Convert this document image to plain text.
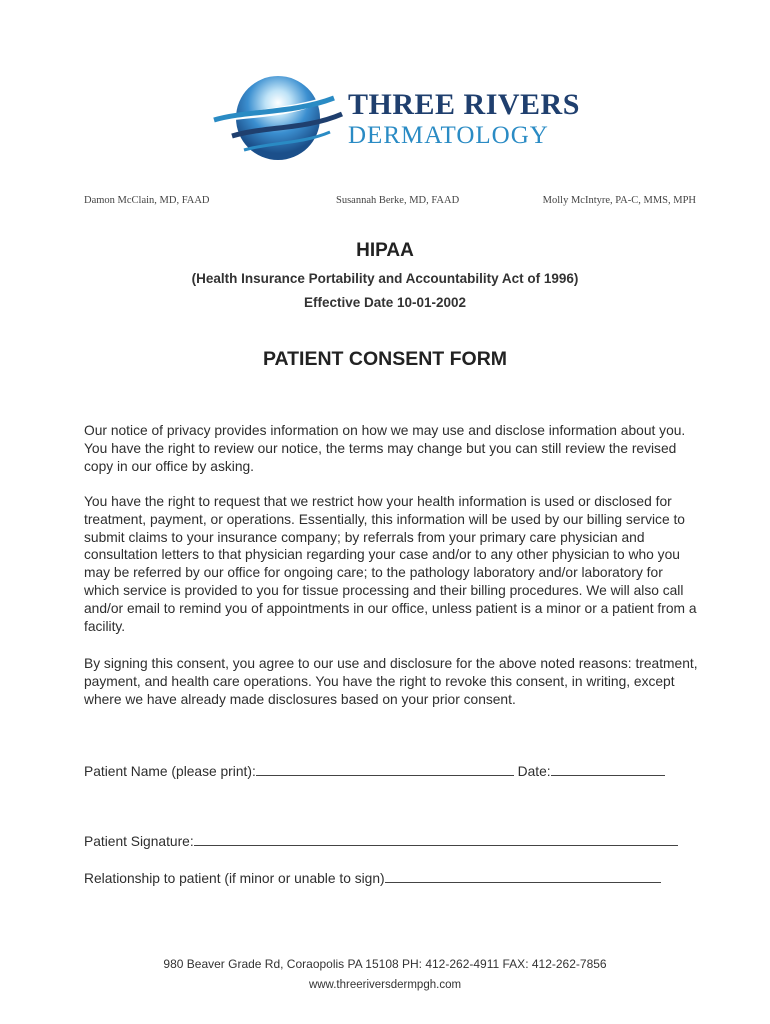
THREE RIVERS
DERMATOLOGY
Damon McClain, MD, FAAD	Susannah Berke, MD, FAAD	Molly McIntyre, PA-C, MMS, MPH
HIPAA
(Health Insurance Portability and Accountability Act of 1996)
Effective Date 10-01-2002
PATIENT CONSENT FORM

Our notice of privacy provides information on how we may use and disclose information about you. You have the right to review our notice, the terms may change but you can still review the revised copy in our office by asking.

You have the right to request that we restrict how your health information is used or disclosed for treatment, payment, or operations. Essentially, this information will be used by our billing service to submit claims to your insurance company; by referrals from your primary care physician and consultation letters to that physician regarding your case and/or to any other physician to who you may be referred by our office for ongoing care; to the pathology laboratory and/or laboratory for which service is provided to you for tissue processing and their billing procedures. We will also call and/or email to remind you of appointments in our office, unless patient is a minor or a patient from a facility.

By signing this consent, you agree to our use and disclosure for the above noted reasons: treatment, payment, and health care operations. You have the right to revoke this consent, in writing, except where we have already made disclosures based on your prior consent.

Patient Name (please print):	Date:
Patient Signature:
Relationship to patient (if minor or unable to sign)
980 Beaver Grade Rd, Coraopolis PA 15108 PH: 412-262-4911 FAX: 412-262-7856
www.threeriversdermpgh.com
